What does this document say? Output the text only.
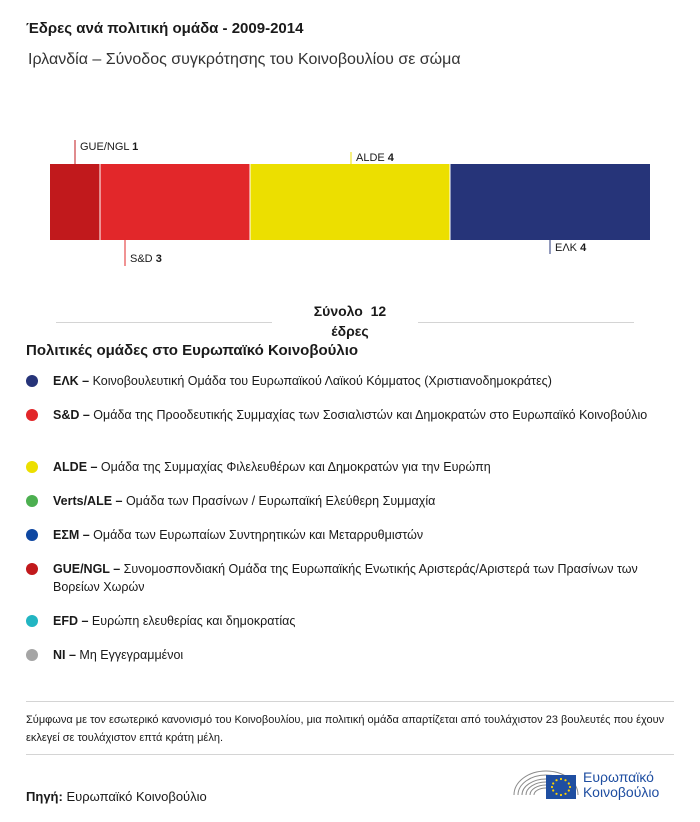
Έδρες ανά πολιτική ομάδα - 2009-2014
Ιρλανδία – Σύνοδος συγκρότησης του Κοινοβουλίου σε σώμα
GUE/NGL 1
S&D 3
ALDE 4
ΕΛΚ 4
Σύνολο 12
έδρες
Πολιτικές ομάδες στο Ευρωπαϊκό Κοινοβούλιο
ΕΛΚ – Κοινοβουλευτική Ομάδα του Ευρωπαϊκού Λαϊκού Κόμματος (Χριστιανοδημοκράτες)
S&D – Ομάδα της Προοδευτικής Συμμαχίας των Σοσιαλιστών και Δημοκρατών στο Ευρωπαϊκό Κοινοβούλιο
ALDE – Ομάδα της Συμμαχίας Φιλελευθέρων και Δημοκρατών για την Ευρώπη
Verts/ALE – Ομάδα των Πρασίνων / Ευρωπαϊκή Ελεύθερη Συμμαχία
ΕΣΜ – Ομάδα των Ευρωπαίων Συντηρητικών και Μεταρρυθμιστών
GUE/NGL – Συνομοσπονδιακή Ομάδα της Ευρωπαϊκής Ενωτικής Αριστεράς/Αριστερά των Πρασίνων των Βορείων Χωρών
EFD – Ευρώπη ελευθερίας και δημοκρατίας
NI – Μη Εγγεγραμμένοι
Σύμφωνα με τον εσωτερικό κανονισμό του Κοινοβουλίου, μια πολιτική ομάδα απαρτίζεται από τουλάχιστον 23 βουλευτές που έχουν εκλεγεί σε τουλάχιστον επτά κράτη μέλη.
Πηγή: Ευρωπαϊκό Κοινοβούλιο
Ευρωπαϊκό
Κοινοβούλιο
